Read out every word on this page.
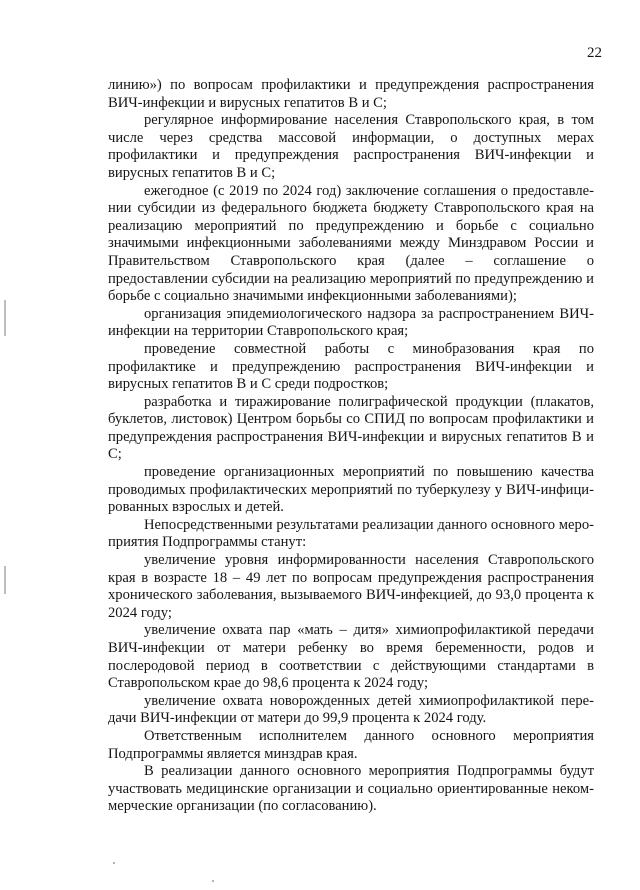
22

линию») по вопросам профилактики и предупреждения распространения ВИЧ-инфекции и вирусных гепатитов В и С;

регулярное информирование населения Ставропольского края, в том числе через средства массовой информации, о доступных мерах профилактики и предупреждения распространения ВИЧ-инфекции и вирусных гепатитов В и С;

ежегодное (с 2019 по 2024 год) заключение соглашения о предоставлении субсидии из федерального бюджета бюджету Ставропольского края на реализацию мероприятий по предупреждению и борьбе с социально значимыми инфекционными заболеваниями между Минздравом России и Правительством Ставропольского края (далее – соглашение о предоставлении субсидии на реализацию мероприятий по предупреждению и борьбе с социально значимыми инфекционными заболеваниями);

организация эпидемиологического надзора за распространением ВИЧ-инфекции на территории Ставропольского края;

проведение совместной работы с минобразования края по профилактике и предупреждению распространения ВИЧ-инфекции и вирусных гепатитов В и С среди подростков;

разработка и тиражирование полиграфической продукции (плакатов, буклетов, листовок) Центром борьбы со СПИД по вопросам профилактики и предупреждения распространения ВИЧ-инфекции и вирусных гепатитов В и С;

проведение организационных мероприятий по повышению качества проводимых профилактических мероприятий по туберкулезу у ВИЧ-инфицированных взрослых и детей.

Непосредственными результатами реализации данного основного мероприятия Подпрограммы станут:

увеличение уровня информированности населения Ставропольского края в возрасте 18 – 49 лет по вопросам предупреждения распространения хронического заболевания, вызываемого ВИЧ-инфекцией, до 93,0 процента к 2024 году;

увеличение охвата пар «мать – дитя» химиопрофилактикой передачи ВИЧ-инфекции от матери ребенку во время беременности, родов и послеродовой период в соответствии с действующими стандартами в Ставропольском крае до 98,6 процента к 2024 году;

увеличение охвата новорожденных детей химиопрофилактикой передачи ВИЧ-инфекции от матери до 99,9 процента к 2024 году.

Ответственным исполнителем данного основного мероприятия Подпрограммы является минздрав края.

В реализации данного основного мероприятия Подпрограммы будут участвовать медицинские организации и социально ориентированные некоммерческие организации (по согласованию).
